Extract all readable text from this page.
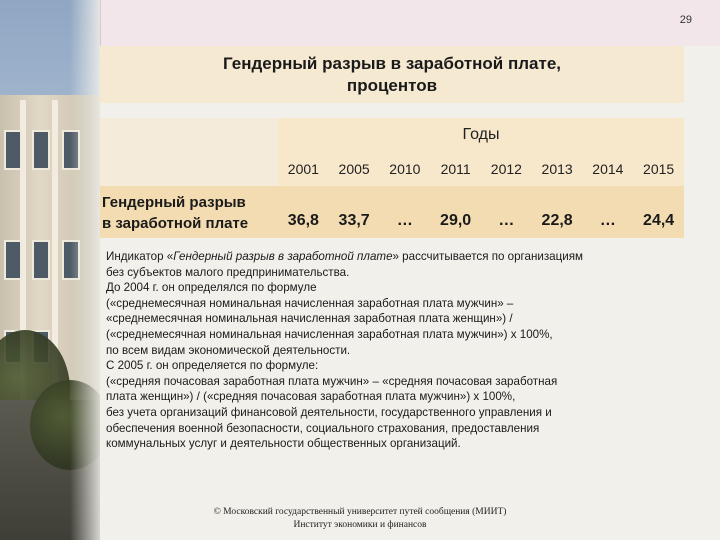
29
Гендерный разрыв в заработной плате,
процентов
Годы
2001	2005	2010	2011	2012	2013	2014	2015
Гендерный разрыв
в заработной плате	36,8	33,7	…	29,0	…	22,8	…	24,4

Индикатор «Гендерный разрыв в заработной плате» рассчитывается по организациям

без субъектов малого предпринимательства.

До 2004 г. он определялся по формуле

(«среднемесячная номинальная начисленная заработная плата мужчин» –

«среднемесячная номинальная начисленная заработная плата женщин») /

(«среднемесячная номинальная начисленная заработная плата мужчин») х 100%,

по всем видам экономической деятельности.

С 2005 г. он определяется по формуле:

(«средняя почасовая заработная плата мужчин» – «средняя почасовая заработная

плата женщин») / («средняя почасовая заработная плата мужчин») х 100%,

без учета организаций финансовой деятельности, государственного управления и

обеспечения военной безопасности, социального страхования, предоставления

коммунальных услуг и деятельности общественных организаций.

© Московский государственный университет путей сообщения (МИИТ)
Институт экономики и финансов
